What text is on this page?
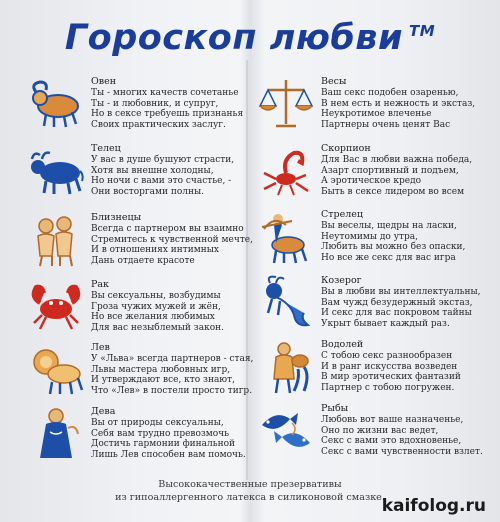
Гороскоп любви ™
Овен
Ты - многих качеств сочетанье
Ты - и любовник, и супруг,
Но в сексе требуешь признанья
Своих практических заслуг.
Телец
У вас в душе бушуют страсти,
Хотя вы внешне холодны,
Но ночи с вами это счастье, -
Они восторгами полны.
Близнецы
Всегда с партнером вы взаимно
Стремитесь к чувственной мечте,
И в отношениях интимных
Дань отдаете красоте
Рак
Вы сексуальны, возбудимы
Гроза чужих мужей и жён,
Но все желания любимых
Для вас незыблемый закон.
Лев
У «Льва» всегда партнеров - стая,
Львы мастера любовных игр,
И утверждают все, кто знают,
Что «Лев» в постели просто тигр.
Дева
Вы от природы сексуальны,
Себя вам трудно превозмочь
Достичь гармонии финальной
Лишь Лев способен вам помочь.
Весы
Ваш секс подобен озаренью,
В нем есть и нежность и экстаз,
Неукротимое влеченье
Партнеры очень ценят Вас
Скорпион
Для Вас в любви важна победа,
Азарт спортивный и подъем,
А эротическое кредо
Быть в сексе лидером во всем
Стрелец
Вы веселы, щедры на ласки,
Неутомимы до утра,
Любить вы можно без опаски,
Но все же секс для вас игра
Козерог
Вы в любви вы интеллектуальны,
Вам чужд безудержный экстаз,
И секс для вас покровом тайны
Укрыт бывает каждый раз.
Водолей
С тобою секс разнообразен
И в ранг искусства возведен
В мир эротических фантазий
Партнер с тобою погружен.
Рыбы
Любовь вот ваше назначенье,
Оно по жизни вас ведет,
Секс с вами это вдохновенье,
Секс с вами чувственности взлет.
Высококачественные презервативы
из гипоаллергенного латекса в силиконовой смазке.
kaifolog.ru
